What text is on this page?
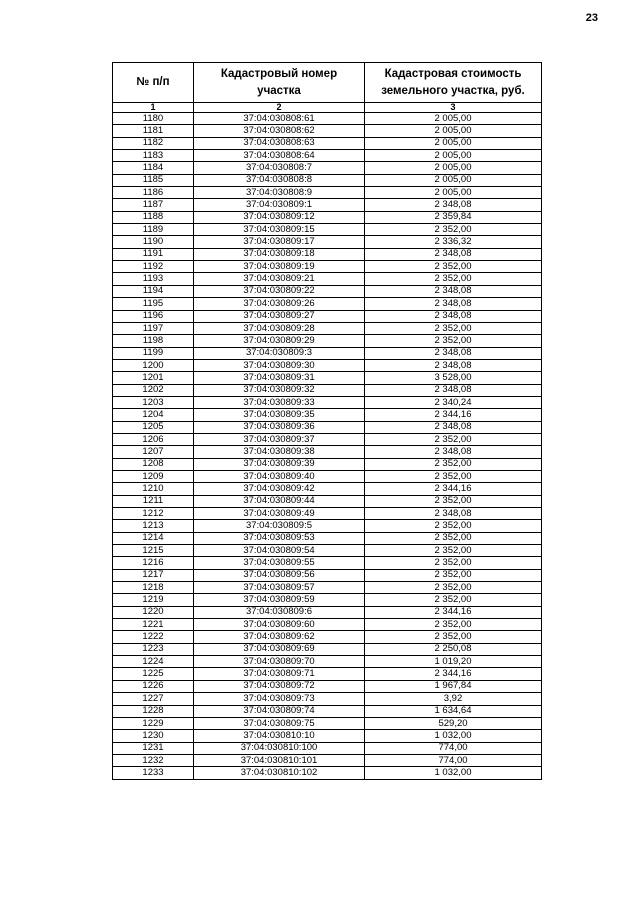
23
№ п/п	Кадастровый номер участка	Кадастровая стоимость земельного участка, руб.

1	2	3
1180	37:04:030808:61	2 005,00
1181	37:04:030808:62	2 005,00
1182	37:04:030808:63	2 005,00
1183	37:04:030808:64	2 005,00
1184	37:04:030808:7	2 005,00
1185	37:04:030808:8	2 005,00
1186	37:04:030808:9	2 005,00
1187	37:04:030809:1	2 348,08
1188	37:04:030809:12	2 359,84
1189	37:04:030809:15	2 352,00
1190	37:04:030809:17	2 336,32
1191	37:04:030809:18	2 348,08
1192	37:04:030809:19	2 352,00
1193	37:04:030809:21	2 352,00
1194	37:04:030809:22	2 348,08
1195	37:04:030809:26	2 348,08
1196	37:04:030809:27	2 348,08
1197	37:04:030809:28	2 352,00
1198	37:04:030809:29	2 352,00
1199	37:04:030809:3	2 348,08
1200	37:04:030809:30	2 348,08
1201	37:04:030809:31	3 528,00
1202	37:04:030809:32	2 348,08
1203	37:04:030809:33	2 340,24
1204	37:04:030809:35	2 344,16
1205	37:04:030809:36	2 348,08
1206	37:04:030809:37	2 352,00
1207	37:04:030809:38	2 348,08
1208	37:04:030809:39	2 352,00
1209	37:04:030809:40	2 352,00
1210	37:04:030809:42	2 344,16
1211	37:04:030809:44	2 352,00
1212	37:04:030809:49	2 348,08
1213	37:04:030809:5	2 352,00
1214	37:04:030809:53	2 352,00
1215	37:04:030809:54	2 352,00
1216	37:04:030809:55	2 352,00
1217	37:04:030809:56	2 352,00
1218	37:04:030809:57	2 352,00
1219	37:04:030809:59	2 352,00
1220	37:04:030809:6	2 344,16
1221	37:04:030809:60	2 352,00
1222	37:04:030809:62	2 352,00
1223	37:04:030809:69	2 250,08
1224	37:04:030809:70	1 019,20
1225	37:04:030809:71	2 344,16
1226	37:04:030809:72	1 967,84
1227	37:04:030809:73	3,92
1228	37:04:030809:74	1 634,64
1229	37:04:030809:75	529,20
1230	37:04:030810:10	1 032,00
1231	37:04:030810:100	774,00
1232	37:04:030810:101	774,00
1233	37:04:030810:102	1 032,00
